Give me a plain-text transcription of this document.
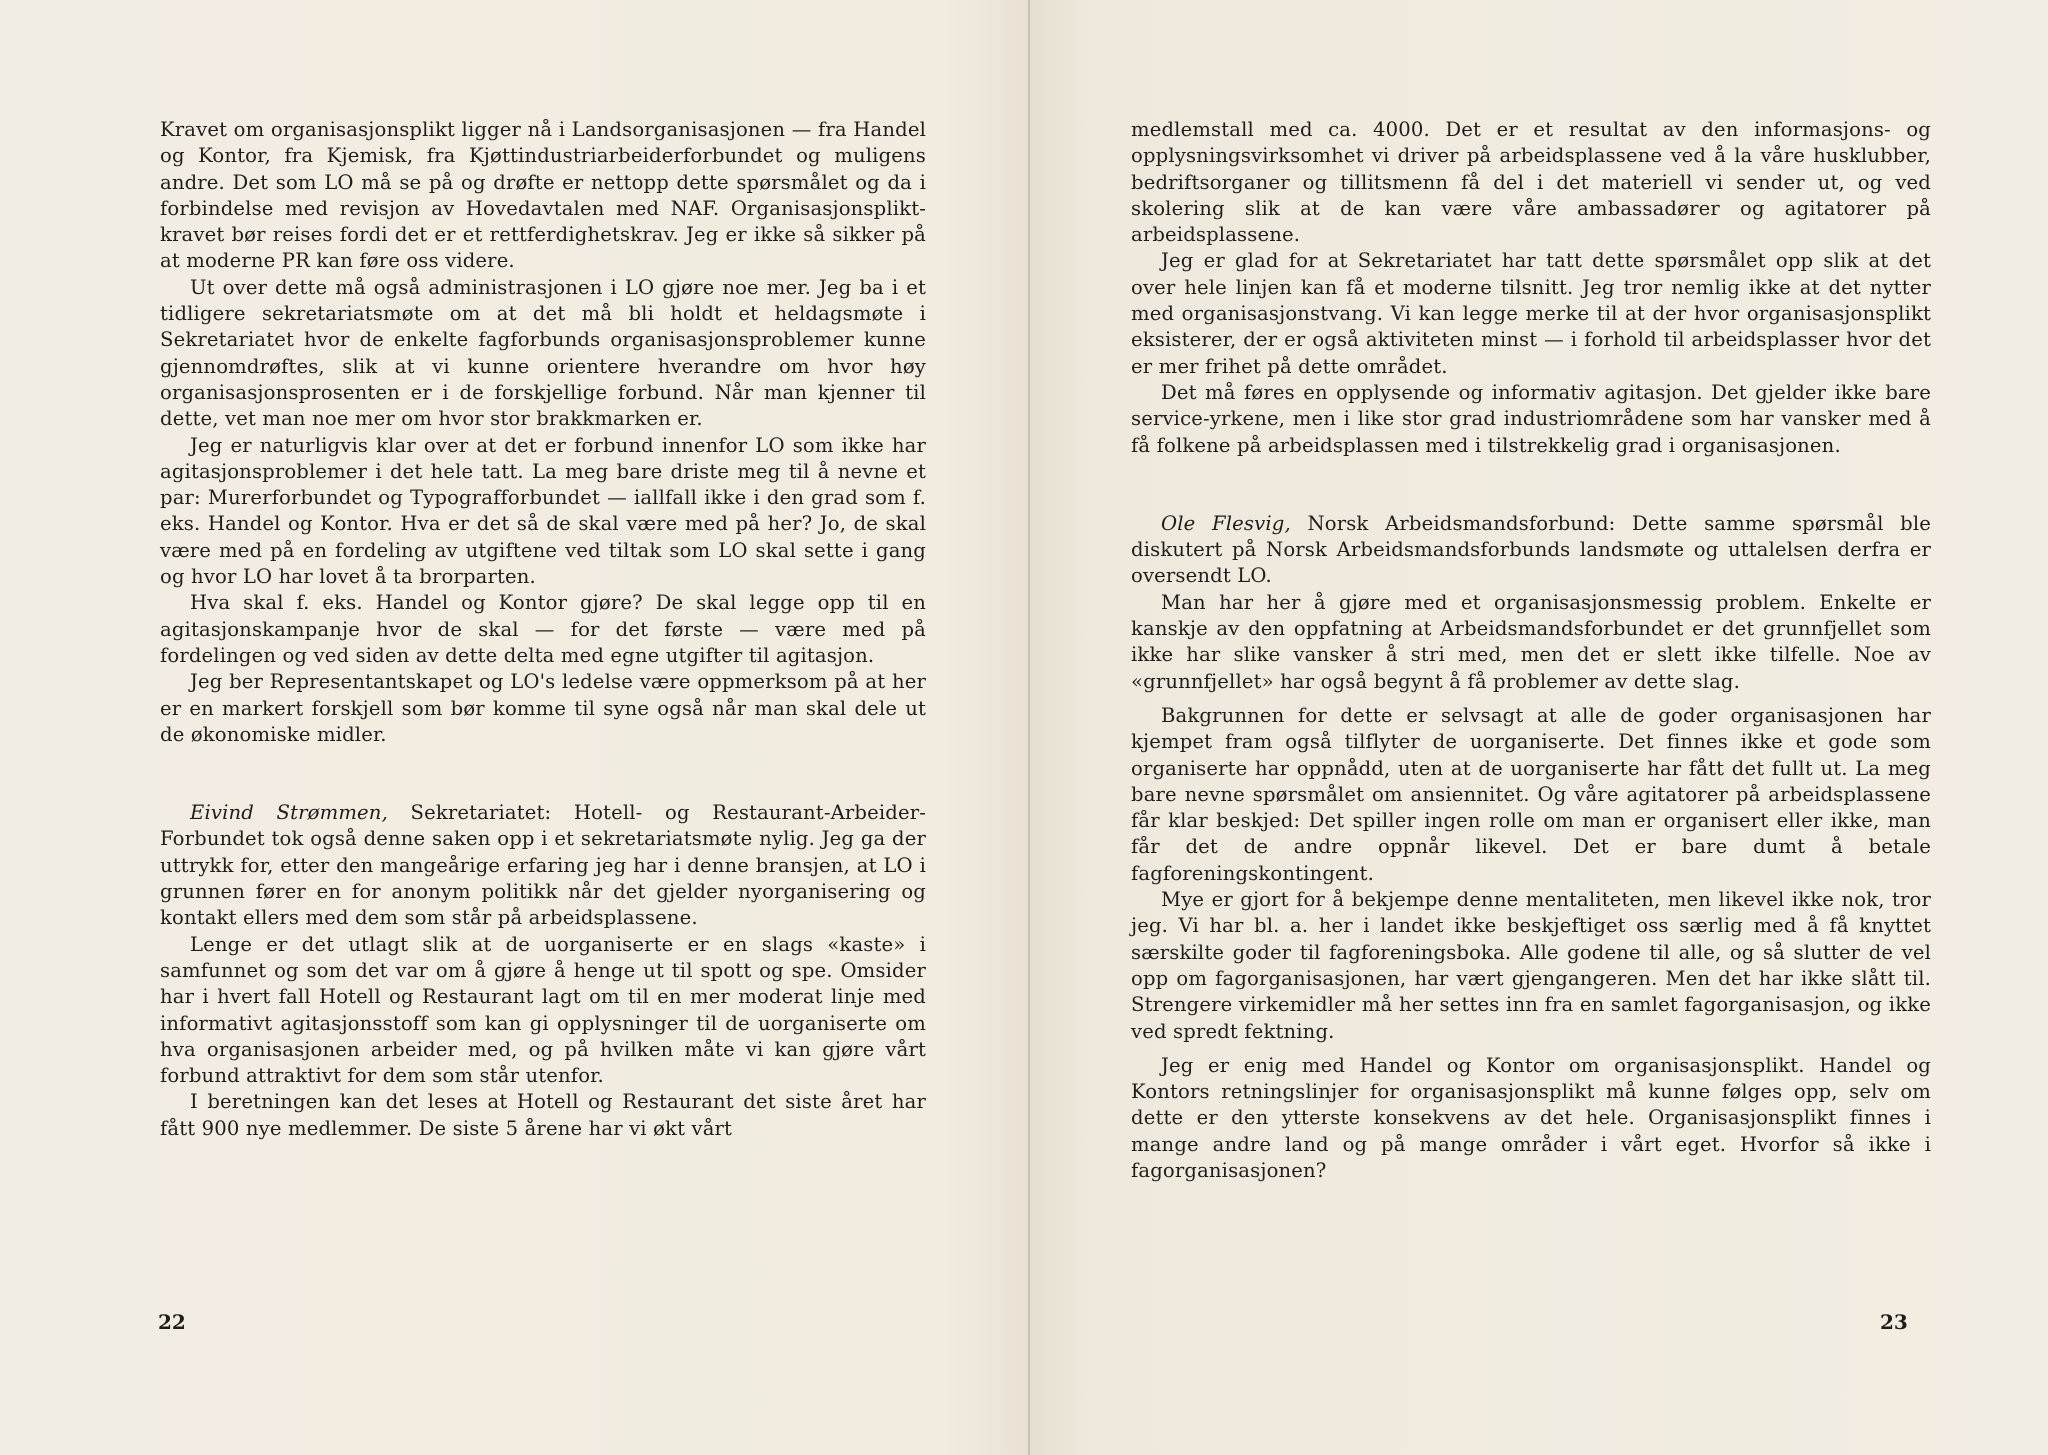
Kravet om organisasjonsplikt ligger nå i Landsorganisasjonen — fra Handel og Kontor, fra Kjemisk, fra Kjøttindustriarbeiderforbundet og muligens andre. Det som LO må se på og drøfte er nettopp dette spørsmålet og da i forbindelse med revisjon av Hovedavtalen med NAF. Organisasjonsplikt-kravet bør reises fordi det er et rettferdighetskrav. Jeg er ikke så sikker på at moderne PR kan føre oss videre.

Ut over dette må også administrasjonen i LO gjøre noe mer. Jeg ba i et tidligere sekretariatsmøte om at det må bli holdt et heldagsmøte i Sekretariatet hvor de enkelte fagforbunds organisasjonsproblemer kunne gjennomdrøftes, slik at vi kunne orientere hverandre om hvor høy organisasjonsprosenten er i de forskjellige forbund. Når man kjenner til dette, vet man noe mer om hvor stor brakkmarken er.

Jeg er naturligvis klar over at det er forbund innenfor LO som ikke har agitasjonsproblemer i det hele tatt. La meg bare driste meg til å nevne et par: Murerforbundet og Typografforbundet — iallfall ikke i den grad som f. eks. Handel og Kontor. Hva er det så de skal være med på her? Jo, de skal være med på en fordeling av utgiftene ved tiltak som LO skal sette i gang og hvor LO har lovet å ta brorparten.

Hva skal f. eks. Handel og Kontor gjøre? De skal legge opp til en agitasjonskampanje hvor de skal — for det første — være med på fordelingen og ved siden av dette delta med egne utgifter til agitasjon.

Jeg ber Representantskapet og LO's ledelse være oppmerksom på at her er en markert forskjell som bør komme til syne også når man skal dele ut de økonomiske midler.

Eivind Strømmen, Sekretariatet: Hotell- og Restaurant-Arbeider-Forbundet tok også denne saken opp i et sekretariatsmøte nylig. Jeg ga der uttrykk for, etter den mangeårige erfaring jeg har i denne bransjen, at LO i grunnen fører en for anonym politikk når det gjelder nyorganisering og kontakt ellers med dem som står på arbeidsplassene.

Lenge er det utlagt slik at de uorganiserte er en slags «kaste» i samfunnet og som det var om å gjøre å henge ut til spott og spe. Omsider har i hvert fall Hotell og Restaurant lagt om til en mer moderat linje med informativt agitasjonsstoff som kan gi opplysninger til de uorganiserte om hva organisasjonen arbeider med, og på hvilken måte vi kan gjøre vårt forbund attraktivt for dem som står utenfor.

I beretningen kan det leses at Hotell og Restaurant det siste året har fått 900 nye medlemmer. De siste 5 årene har vi økt vårt

22

medlemstall med ca. 4000. Det er et resultat av den informasjons- og opplysningsvirksomhet vi driver på arbeidsplassene ved å la våre husklubber, bedriftsorganer og tillitsmenn få del i det materiell vi sender ut, og ved skolering slik at de kan være våre ambassadører og agitatorer på arbeidsplassene.

Jeg er glad for at Sekretariatet har tatt dette spørsmålet opp slik at det over hele linjen kan få et moderne tilsnitt. Jeg tror nemlig ikke at det nytter med organisasjonstvang. Vi kan legge merke til at der hvor organisasjonsplikt eksisterer, der er også aktiviteten minst — i forhold til arbeidsplasser hvor det er mer frihet på dette området.

Det må føres en opplysende og informativ agitasjon. Det gjelder ikke bare service-yrkene, men i like stor grad industriområdene som har vansker med å få folkene på arbeidsplassen med i tilstrekkelig grad i organisasjonen.

Ole Flesvig, Norsk Arbeidsmandsforbund: Dette samme spørsmål ble diskutert på Norsk Arbeidsmandsforbunds landsmøte og uttalelsen derfra er oversendt LO.

Man har her å gjøre med et organisasjonsmessig problem. Enkelte er kanskje av den oppfatning at Arbeidsmandsforbundet er det grunnfjellet som ikke har slike vansker å stri med, men det er slett ikke tilfelle. Noe av «grunnfjellet» har også begynt å få problemer av dette slag.

Bakgrunnen for dette er selvsagt at alle de goder organisasjonen har kjempet fram også tilflyter de uorganiserte. Det finnes ikke et gode som organiserte har oppnådd, uten at de uorganiserte har fått det fullt ut. La meg bare nevne spørsmålet om ansiennitet. Og våre agitatorer på arbeidsplassene får klar beskjed: Det spiller ingen rolle om man er organisert eller ikke, man får det de andre oppnår likevel. Det er bare dumt å betale fagforeningskontingent.

Mye er gjort for å bekjempe denne mentaliteten, men likevel ikke nok, tror jeg. Vi har bl. a. her i landet ikke beskjeftiget oss særlig med å få knyttet særskilte goder til fagforeningsboka. Alle godene til alle, og så slutter de vel opp om fagorganisasjonen, har vært gjengangeren. Men det har ikke slått til. Strengere virkemidler må her settes inn fra en samlet fagorganisasjon, og ikke ved spredt fektning.

Jeg er enig med Handel og Kontor om organisasjonsplikt. Handel og Kontors retningslinjer for organisasjonsplikt må kunne følges opp, selv om dette er den ytterste konsekvens av det hele. Organisasjonsplikt finnes i mange andre land og på mange områder i vårt eget. Hvorfor så ikke i fagorganisasjonen?

23
